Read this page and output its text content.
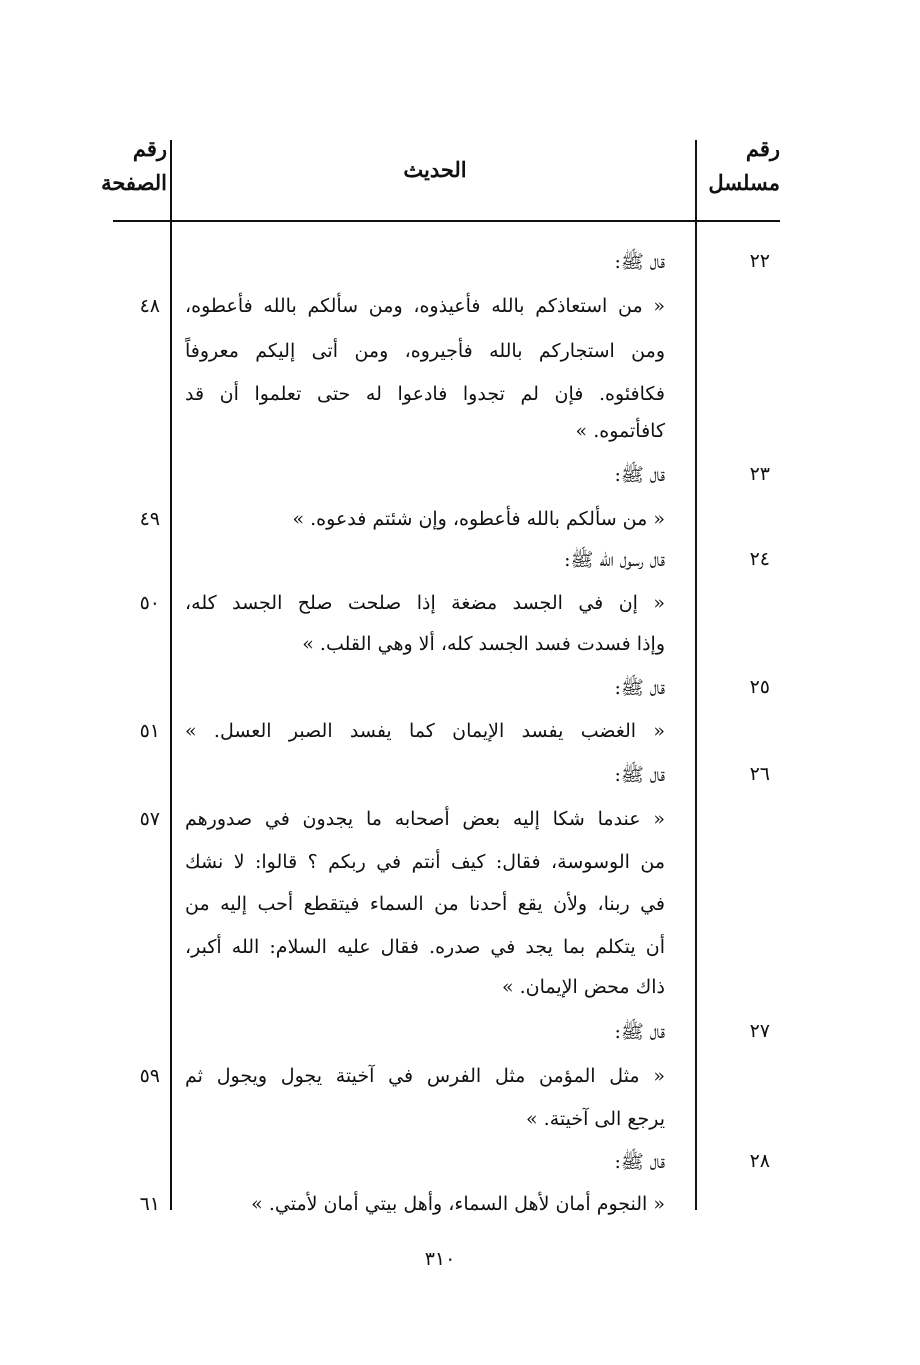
رقم مسلسل
الحديث
رقم الصفحة
٢٢
قال ﷺ:
٤٨ « من استعاذكم بالله فأعيذوه، ومن سألكم بالله فأعطوه،
ومن استجاركم بالله فأجيروه، ومن أتى إليكم معروفاً
فكافئوه. فإن لم تجدوا فادعوا له حتى تعلموا أن قد
كافأتموه. »
٢٣
قال ﷺ:
٤٩	« من سألكم بالله فأعطوه، وإن شئتم فدعوه. »
٢٤
قال رسول الله ﷺ:
٥٠ « إن في الجسد مضغة إذا صلحت صلح الجسد كله،
وإذا فسدت فسد الجسد كله، ألا وهي القلب. »
٢٥
قال ﷺ:
٥١ « الغضب يفسد الإيمان كما يفسد الصبر العسل. »
٢٦
قال ﷺ:
٥٧ « عندما شكا إليه بعض أصحابه ما يجدون في صدورهم
من الوسوسة، فقال: كيف أنتم في ربكم ؟ قالوا: لا نشك
في ربنا، ولأن يقع أحدنا من السماء فيتقطع أحب إليه من
أن يتكلم بما يجد في صدره. فقال عليه السلام: الله أكبر،
ذاك محض الإيمان. »
٢٧
قال ﷺ:
٥٩ « مثل المؤمن مثل الفرس في آخيتة يجول ويجول ثم
يرجع الى آخيتة. »
٢٨
قال ﷺ:
٦١	« النجوم أمان لأهل السماء، وأهل بيتي أمان لأمتي. »
٣١٠
